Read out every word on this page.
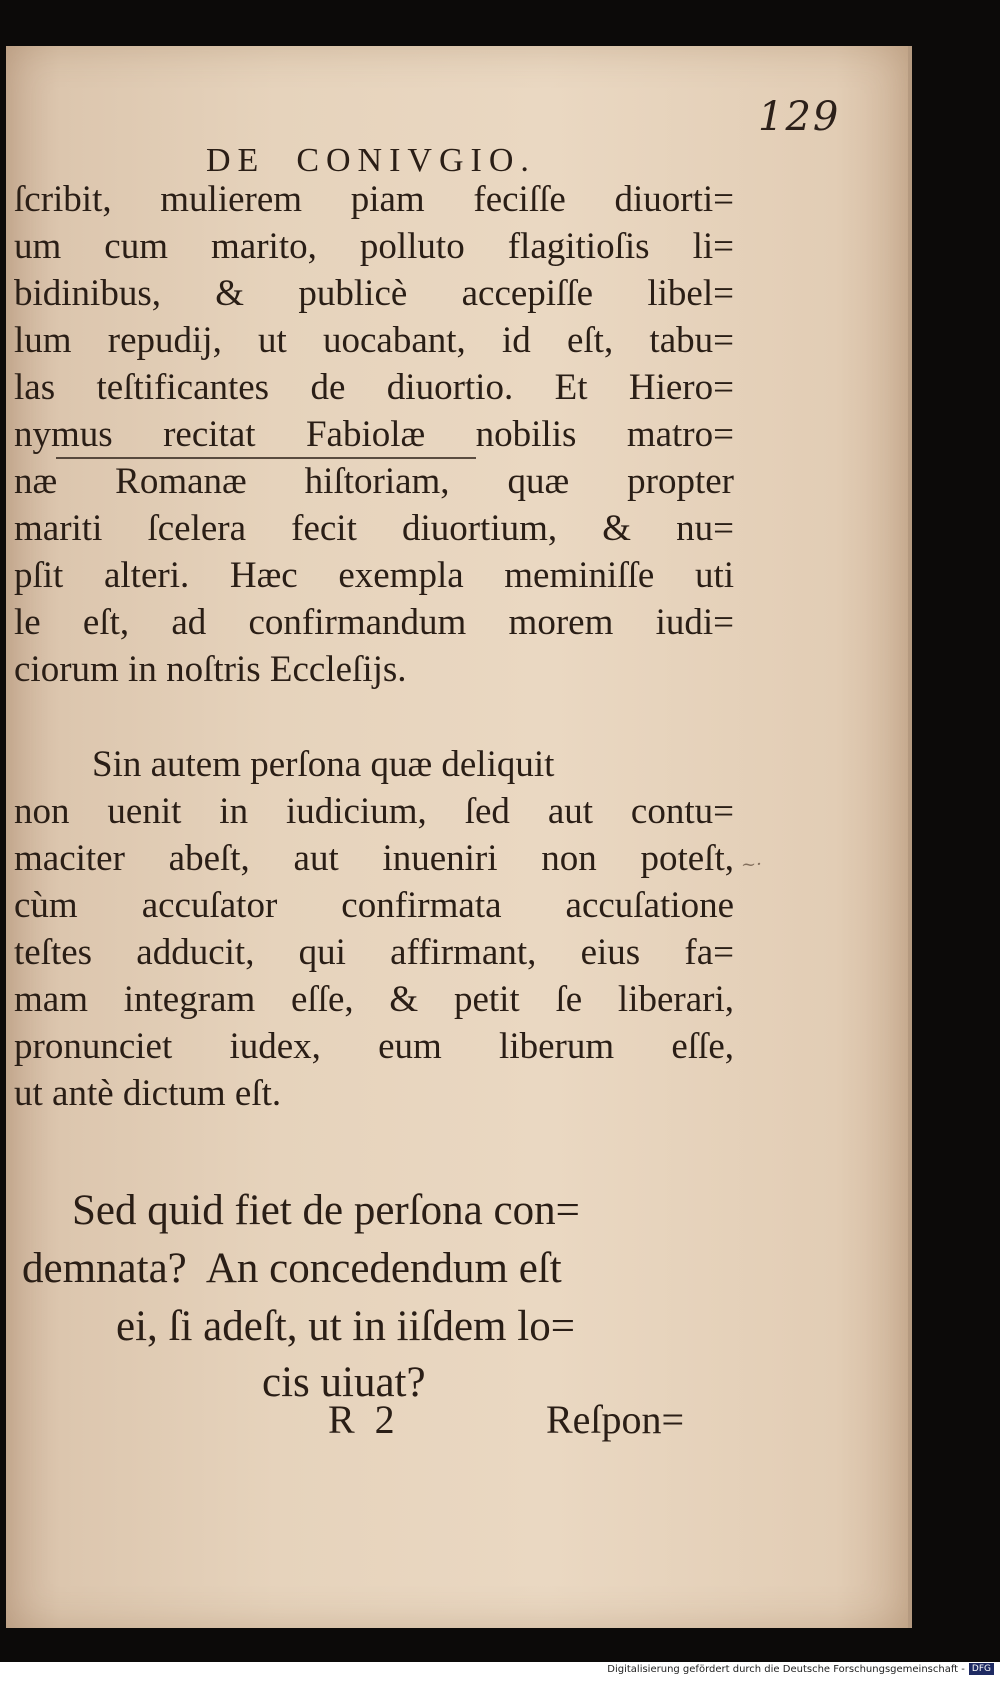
129
DE  CONIVGIO.
ſcribit, mulierem piam feciſſe diuorti=
um cum marito, polluto flagitioſis li=
bidinibus, & publicè accepiſſe libel=
lum repudij, ut uocabant, id eſt, tabu=
las teſtificantes de diuortio. Et Hiero=
nymus recitat Fabiolæ nobilis matro=
næ Romanæ hiſtoriam, quæ propter
mariti ſcelera fecit diuortium, & nu=
pſit alteri. Hæc exempla meminiſſe uti
le eſt, ad confirmandum morem iudi=
ciorum in noſtris Eccleſijs.
~·
Sin autem perſona quæ deliquit
non uenit in iudicium, ſed aut contu=
maciter abeſt, aut inueniri non poteſt,
cùm accuſator confirmata accuſatione
teſtes adducit, qui affirmant, eius fa=
mam integram eſſe, & petit ſe liberari,
pronunciet iudex, eum liberum eſſe,
ut antè dictum eſt.
Sed quid fiet de perſona con=
demnata?  An concedendum eſt
ei, ſi adeſt, ut in iiſdem lo=
cis uiuat?
R  2	Reſpon=

Digitalisierung gefördert durch die Deutsche Forschungsgemeinschaft - DFG
